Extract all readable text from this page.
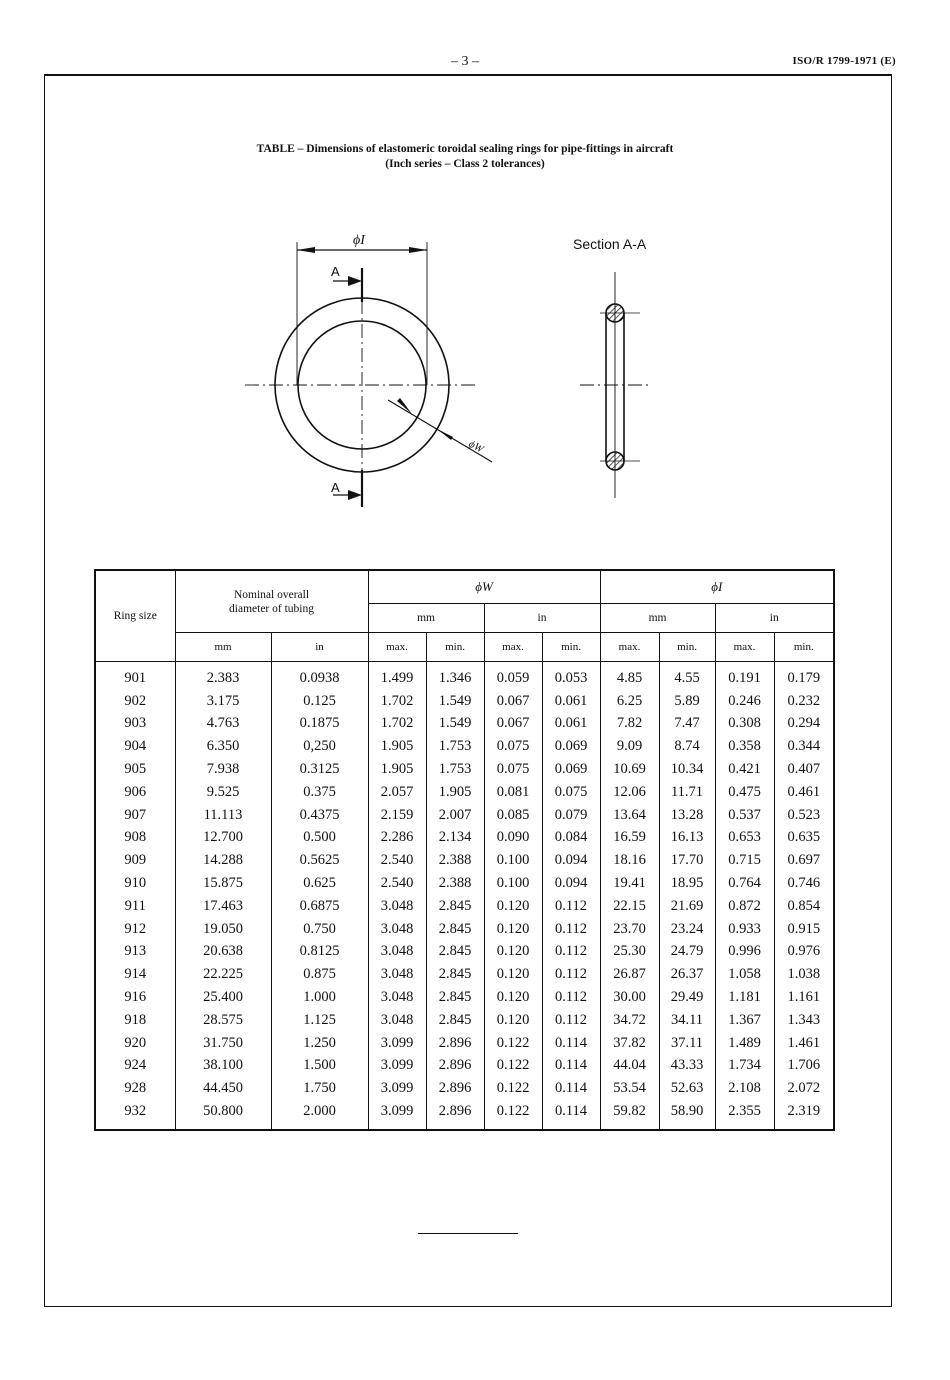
– 3 –	ISO/R 1799-1971 (E)
TABLE – Dimensions of elastomeric toroidal sealing rings for pipe-fittings in aircraft
(Inch series – Class 2 tolerances)
ϕI
A
A
ϕW
Section A-A
Ring size	Nominal overall
diameter of tubing		ϕW				ϕI			
			mm		in		mm		in	
	mm	in	max.	min.	max.	min.	max.	min.	max.	min.
901	2.383	0.0938	1.499	1.346	0.059	0.053	4.85	4.55	0.191	0.179
902	3.175	0.125	1.702	1.549	0.067	0.061	6.25	5.89	0.246	0.232
903	4.763	0.1875	1.702	1.549	0.067	0.061	7.82	7.47	0.308	0.294
904	6.350	0,250	1.905	1.753	0.075	0.069	9.09	8.74	0.358	0.344
905	7.938	0.3125	1.905	1.753	0.075	0.069	10.69	10.34	0.421	0.407
906	9.525	0.375	2.057	1.905	0.081	0.075	12.06	11.71	0.475	0.461
907	11.113	0.4375	2.159	2.007	0.085	0.079	13.64	13.28	0.537	0.523
908	12.700	0.500	2.286	2.134	0.090	0.084	16.59	16.13	0.653	0.635
909	14.288	0.5625	2.540	2.388	0.100	0.094	18.16	17.70	0.715	0.697
910	15.875	0.625	2.540	2.388	0.100	0.094	19.41	18.95	0.764	0.746
911	17.463	0.6875	3.048	2.845	0.120	0.112	22.15	21.69	0.872	0.854
912	19.050	0.750	3.048	2.845	0.120	0.112	23.70	23.24	0.933	0.915
913	20.638	0.8125	3.048	2.845	0.120	0.112	25.30	24.79	0.996	0.976
914	22.225	0.875	3.048	2.845	0.120	0.112	26.87	26.37	1.058	1.038
916	25.400	1.000	3.048	2.845	0.120	0.112	30.00	29.49	1.181	1.161
918	28.575	1.125	3.048	2.845	0.120	0.112	34.72	34.11	1.367	1.343
920	31.750	1.250	3.099	2.896	0.122	0.114	37.82	37.11	1.489	1.461
924	38.100	1.500	3.099	2.896	0.122	0.114	44.04	43.33	1.734	1.706
928	44.450	1.750	3.099	2.896	0.122	0.114	53.54	52.63	2.108	2.072
932	50.800	2.000	3.099	2.896	0.122	0.114	59.82	58.90	2.355	2.319
